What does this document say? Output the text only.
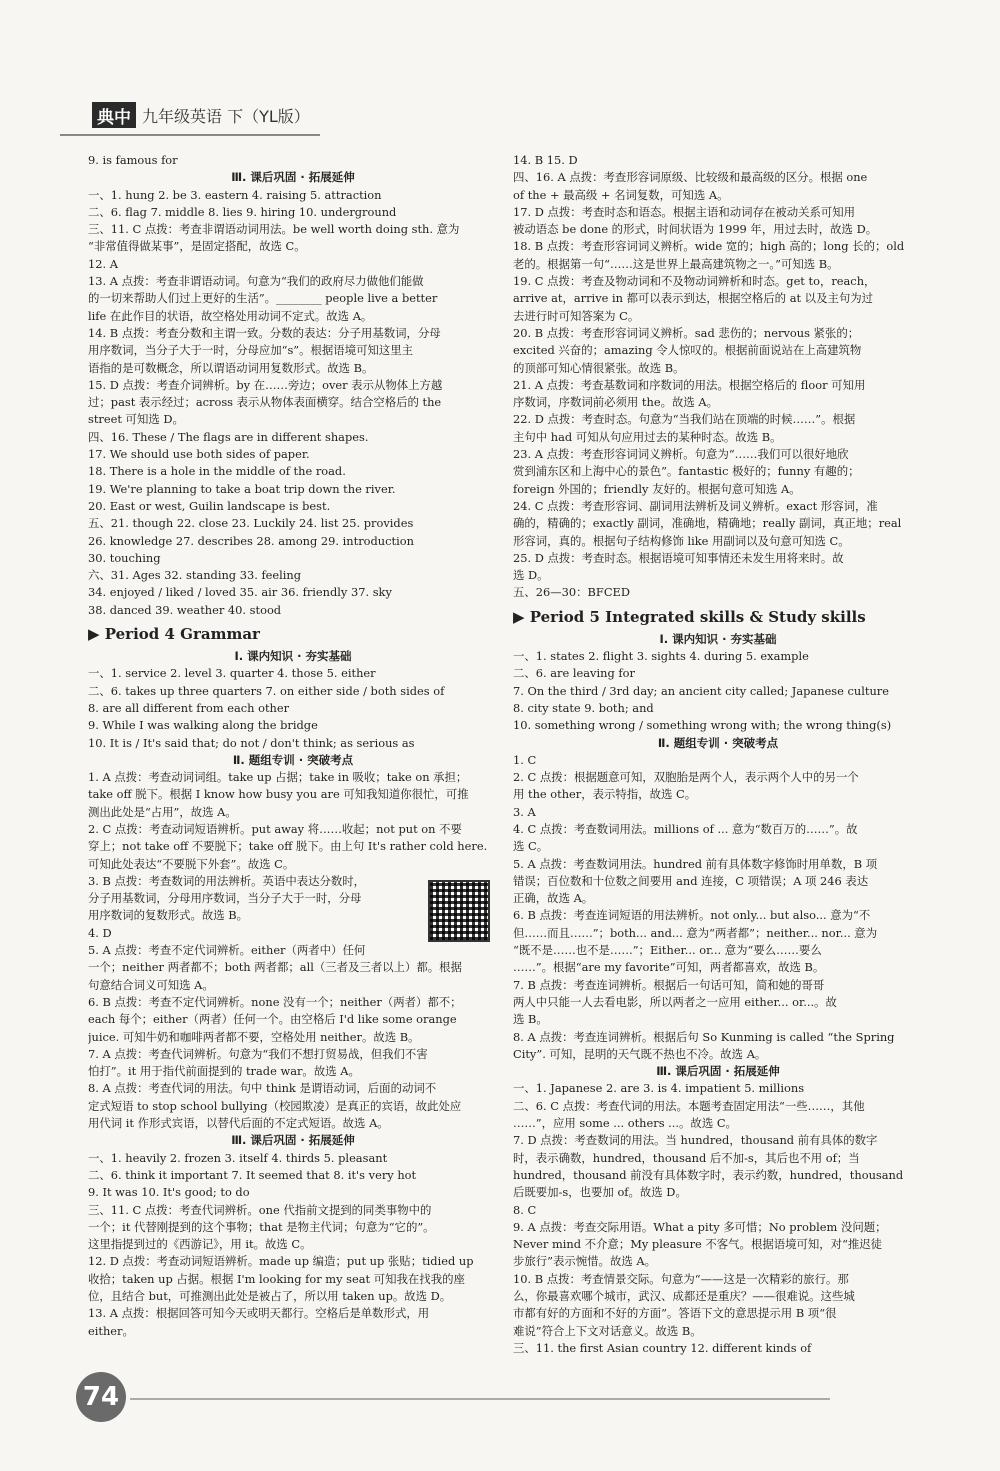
典中 九年级英语 下（YL版）
9. is famous for
Ⅲ. 课后巩固 · 拓展延伸
一、1. hung 2. be 3. eastern 4. raising 5. attraction
二、6. flag 7. middle 8. lies 9. hiring 10. underground
三、11. C 点拨：考查非谓语动词用法。be well worth doing sth. 意为
“非常值得做某事”，是固定搭配，故选 C。
12. A
13. A 点拨：考查非谓语动词。句意为“我们的政府尽力做他们能做
的一切来帮助人们过上更好的生活”。________ people live a better
life 在此作目的状语，故空格处用动词不定式。故选 A。
14. B 点拨：考查分数和主谓一致。分数的表达：分子用基数词，分母
用序数词，当分子大于一时，分母应加“s”。根据语境可知这里主
语指的是可数概念，所以谓语动词用复数形式。故选 B。
15. D 点拨：考查介词辨析。by 在……旁边；over 表示从物体上方越
过；past 表示经过；across 表示从物体表面横穿。结合空格后的 the
street 可知选 D。
四、16. These / The flags are in different shapes.
17. We should use both sides of paper.
18. There is a hole in the middle of the road.
19. We're planning to take a boat trip down the river.
20. East or west, Guilin landscape is best.
五、21. though 22. close 23. Luckily 24. list 25. provides
26. knowledge 27. describes 28. among 29. introduction
30. touching
六、31. Ages 32. standing 33. feeling
34. enjoyed / liked / loved 35. air 36. friendly 37. sky
38. danced 39. weather 40. stood
▶ Period 4 Grammar
Ⅰ. 课内知识 · 夯实基础
一、1. service 2. level 3. quarter 4. those 5. either
二、6. takes up three quarters 7. on either side / both sides of
8. are all different from each other
9. While I was walking along the bridge
10. It is / It's said that; do not / don't think; as serious as
Ⅱ. 题组专训 · 突破考点
1. A 点拨：考查动词词组。take up 占据；take in 吸收；take on 承担；
take off 脱下。根据 I know how busy you are 可知我知道你很忙，可推
测出此处是“占用”，故选 A。
2. C 点拨：考查动词短语辨析。put away 将……收起；not put on 不要
穿上；not take off 不要脱下；take off 脱下。由上句 It's rather cold here.
可知此处表达“不要脱下外套”。故选 C。
3. B 点拨：考查数词的用法辨析。英语中表达分数时，
分子用基数词，分母用序数词，当分子大于一时，分母
用序数词的复数形式。故选 B。
4. D
5. A 点拨：考查不定代词辨析。either（两者中）任何
一个；neither 两者都不；both 两者都；all（三者及三者以上）都。根据
句意结合词义可知选 A。
6. B 点拨：考查不定代词辨析。none 没有一个；neither（两者）都不；
each 每个；either（两者）任何一个。由空格后 I'd like some orange
juice. 可知牛奶和咖啡两者都不要，空格处用 neither。故选 B。
7. A 点拨：考查代词辨析。句意为“我们不想打贸易战，但我们不害
怕打”。it 用于指代前面提到的 trade war。故选 A。
8. A 点拨：考查代词的用法。句中 think 是谓语动词，后面的动词不
定式短语 to stop school bullying（校园欺凌）是真正的宾语，故此处应
用代词 it 作形式宾语，以替代后面的不定式短语。故选 A。
Ⅲ. 课后巩固 · 拓展延伸
一、1. heavily 2. frozen 3. itself 4. thirds 5. pleasant
二、6. think it important 7. It seemed that 8. it's very hot
9. It was 10. It's good; to do
三、11. C 点拨：考查代词辨析。one 代指前文提到的同类事物中的
一个；it 代替刚提到的这个事物；that 是物主代词；句意为“它的”。
这里指提到过的《西游记》，用 it。故选 C。
12. D 点拨：考查动词短语辨析。made up 编造；put up 张贴；tidied up
收拾；taken up 占据。根据 I'm looking for my seat 可知我在找我的座
位，且结合 but，可推测出此处是被占了，所以用 taken up。故选 D。
13. A 点拨：根据回答可知今天或明天都行。空格后是单数形式，用
either。
14. B 15. D
四、16. A 点拨：考查形容词原级、比较级和最高级的区分。根据 one
of the + 最高级 + 名词复数，可知选 A。
17. D 点拨：考查时态和语态。根据主语和动词存在被动关系可知用
被动语态 be done 的形式，时间状语为 1999 年，用过去时，故选 D。
18. B 点拨：考查形容词词义辨析。wide 宽的；high 高的；long 长的；old
老的。根据第一句“……这是世界上最高建筑物之一。”可知选 B。
19. C 点拨：考查及物动词和不及物动词辨析和时态。get to，reach，
arrive at，arrive in 都可以表示到达，根据空格后的 at 以及主句为过
去进行时可知答案为 C。
20. B 点拨：考查形容词词义辨析。sad 悲伤的；nervous 紧张的；
excited 兴奋的；amazing 令人惊叹的。根据前面说站在上高建筑物
的顶部可知心情很紧张。故选 B。
21. A 点拨：考查基数词和序数词的用法。根据空格后的 floor 可知用
序数词，序数词前必须用 the。故选 A。
22. D 点拨：考查时态。句意为“当我们站在顶端的时候……”。根据
主句中 had 可知从句应用过去的某种时态。故选 B。
23. A 点拨：考查形容词词义辨析。句意为“……我们可以很好地欣
赏到浦东区和上海中心的景色”。fantastic 极好的；funny 有趣的；
foreign 外国的；friendly 友好的。根据句意可知选 A。
24. C 点拨：考查形容词、副词用法辨析及词义辨析。exact 形容词，准
确的，精确的；exactly 副词，准确地，精确地；really 副词，真正地；real
形容词，真的。根据句子结构修饰 like 用副词以及句意可知选 C。
25. D 点拨：考查时态。根据语境可知事情还未发生用将来时。故
选 D。
五、26—30：BFCED
▶ Period 5 Integrated skills & Study skills
Ⅰ. 课内知识 · 夯实基础
一、1. states 2. flight 3. sights 4. during 5. example
二、6. are leaving for
7. On the third / 3rd day; an ancient city called; Japanese culture
8. city state 9. both; and
10. something wrong / something wrong with; the wrong thing(s)
Ⅱ. 题组专训 · 突破考点
1. C
2. C 点拨：根据题意可知，双胞胎是两个人，表示两个人中的另一个
用 the other，表示特指，故选 C。
3. A
4. C 点拨：考查数词用法。millions of ... 意为“数百万的……”。故
选 C。
5. A 点拨：考查数词用法。hundred 前有具体数字修饰时用单数，B 项
错误；百位数和十位数之间要用 and 连接，C 项错误；A 项 246 表达
正确，故选 A。
6. B 点拨：考查连词短语的用法辨析。not only... but also... 意为“不
但……而且……”；both... and... 意为“两者都”；neither... nor... 意为
“既不是……也不是……”；Either... or... 意为“要么……要么
……”。根据“are my favorite”可知，两者都喜欢，故选 B。
7. B 点拨：考查连词辨析。根据后一句话可知，简和她的哥哥
两人中只能一人去看电影，所以两者之一应用 either... or...。故
选 B。
8. A 点拨：考查连词辨析。根据后句 So Kunming is called “the Spring
City”. 可知，昆明的天气既不热也不冷。故选 A。
Ⅲ. 课后巩固 · 拓展延伸
一、1. Japanese 2. are 3. is 4. impatient 5. millions
二、6. C 点拨：考查代词的用法。本题考查固定用法“一些……，其他
……”，应用 some ... others ...。故选 C。
7. D 点拨：考查数词的用法。当 hundred，thousand 前有具体的数字
时，表示确数，hundred，thousand 后不加-s，其后也不用 of；当
hundred，thousand 前没有具体数字时，表示约数，hundred，thousand
后既要加-s，也要加 of。故选 D。
8. C
9. A 点拨：考查交际用语。What a pity 多可惜；No problem 没问题；
Never mind 不介意；My pleasure 不客气。根据语境可知，对“推迟徒
步旅行”表示惋惜。故选 A。
10. B 点拨：考查情景交际。句意为“——这是一次精彩的旅行。那
么，你最喜欢哪个城市，武汉、成都还是重庆？——很难说。这些城
市都有好的方面和不好的方面”。答语下文的意思提示用 B 项“很
难说”符合上下文对话意义。故选 B。
三、11. the first Asian country 12. different kinds of
74
